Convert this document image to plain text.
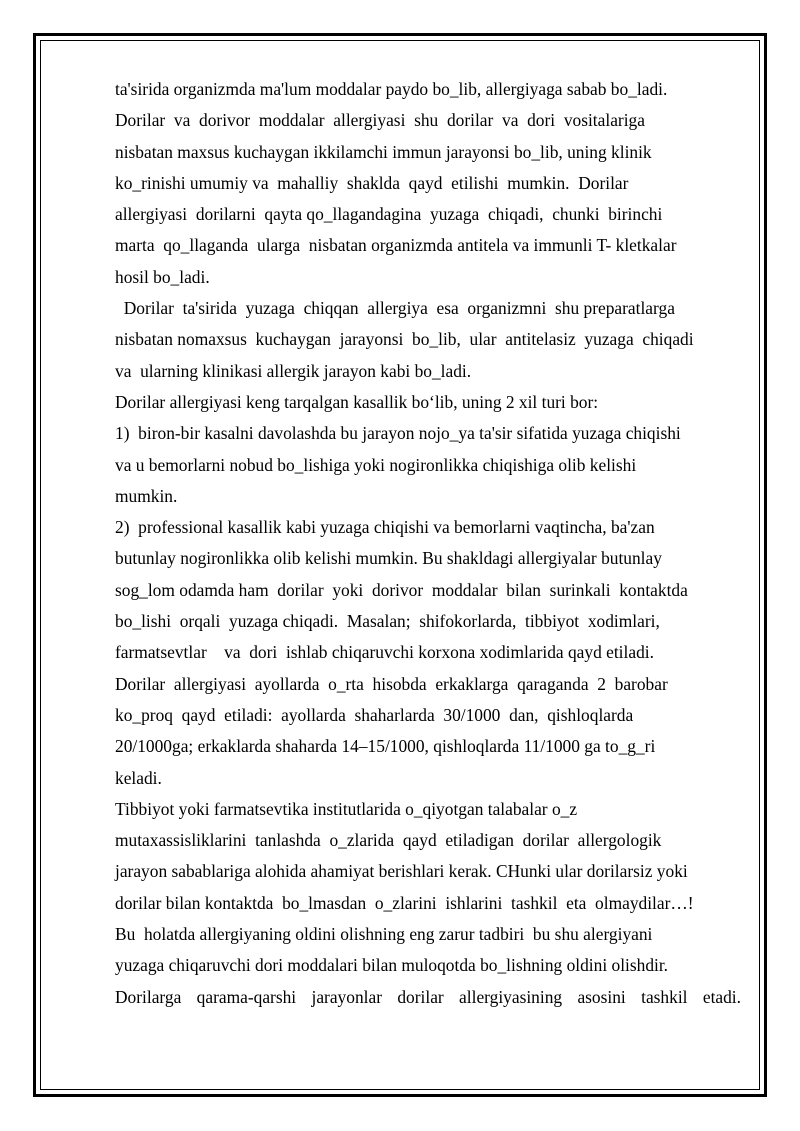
ta'sirida organizmda ma'lum moddalar paydo bo_lib, allergiyaga sabab bo_ladi.
Dorilar  va  dorivor  moddalar  allergiyasi  shu  dorilar  va  dori  vositalariga
nisbatan maxsus kuchaygan ikkilamchi immun jarayonsi bo_lib, uning klinik
ko_rinishi umumiy va  mahalliy  shaklda  qayd  etilishi  mumkin.  Dorilar
allergiyasi  dorilarni  qayta qo_llagandagina  yuzaga  chiqadi,  chunki  birinchi
marta  qo_llaganda  ularga  nisbatan organizmda antitela va immunli T- kletkalar
hosil bo_ladi.
Dorilar  ta'sirida  yuzaga  chiqqan  allergiya  esa  organizmni  shu preparatlarga
nisbatan nomaxsus  kuchaygan  jarayonsi  bo_lib,  ular  antitelasiz  yuzaga  chiqadi
va  ularning klinikasi allergik jarayon kabi bo_ladi.
Dorilar allergiyasi keng tarqalgan kasallik bo‘lib, uning 2 xil turi bor:
1)  biron-bir kasalni davolashda bu jarayon nojo_ya ta'sir sifatida yuzaga chiqishi
va u bemorlarni nobud bo_lishiga yoki nogironlikka chiqishiga olib kelishi
mumkin.
2)  professional kasallik kabi yuzaga chiqishi va bemorlarni vaqtincha, ba'zan
butunlay nogironlikka olib kelishi mumkin. Bu shakldagi allergiyalar butunlay
sog_lom odamda ham  dorilar  yoki  dorivor  moddalar  bilan  surinkali  kontaktda
bo_lishi  orqali  yuzaga chiqadi.  Masalan;  shifokorlarda,  tibbiyot  xodimlari,
farmatsevtlar    va  dori  ishlab chiqaruvchi korxona xodimlarida qayd etiladi.
Dorilar  allergiyasi  ayollarda  o_rta  hisobda  erkaklarga  qaraganda  2  barobar
ko_proq  qayd  etiladi:  ayollarda  shaharlarda  30/1000  dan,  qishloqlarda
20/1000ga; erkaklarda shaharda 14–15/1000, qishloqlarda 11/1000 ga to_g_ri
keladi.
Tibbiyot yoki farmatsevtika institutlarida o_qiyotgan talabalar o_z
mutaxassisliklarini  tanlashda  o_zlarida  qayd  etiladigan  dorilar  allergologik
jarayon sabablariga alohida ahamiyat berishlari kerak. CHunki ular dorilarsiz yoki
dorilar bilan kontaktda  bo_lmasdan  o_zlarini  ishlarini  tashkil  eta  olmaydilar…!
Bu  holatda allergiyaning oldini olishning eng zarur tadbiri  bu shu alergiyani
yuzaga chiqaruvchi dori moddalari bilan muloqotda bo_lishning oldini olishdir.
Dorilarga  qarama-qarshi  jarayonlar  dorilar  allergiyasining  asosini  tashkil  etadi.
